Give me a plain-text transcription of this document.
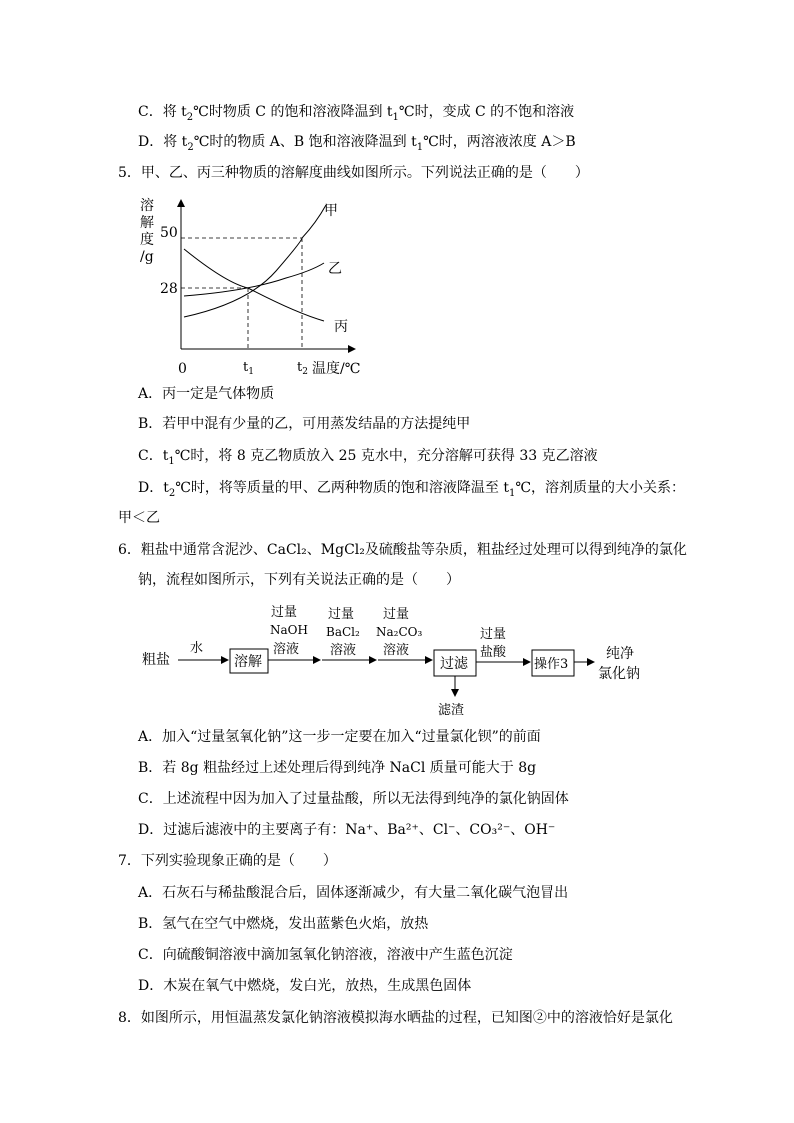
C．将 $t_2℃$时物质 C 的饱和溶液降温到 $t_1℃$时，变成 C 的不饱和溶液
D．将 $t_2℃$时的物质 A、B 饱和溶液降温到 $t_1℃$时，两溶液浓度 A＞B
5．甲、乙、丙三种物质的溶解度曲线如图所示。下列说法正确的是（　　）
溶
解
度
/g
50
28
0	$t_1$	$t_2$ 温度/℃
甲
乙
丙
A．丙一定是气体物质
B．若甲中混有少量的乙，可用蒸发结晶的方法提纯甲
C．$t_1℃$时，将 8 克乙物质放入 25 克水中，充分溶解可获得 33 克乙溶液
D．$t_2℃$时，将等质量的甲、乙两种物质的饱和溶液降温至 $t_1℃$，溶剂质量的大小关系：
甲＜乙
6．粗盐中通常含泥沙、CaCl₂、MgCl₂及硫酸盐等杂质，粗盐经过处理可以得到纯净的氯化
钠，流程如图所示，下列有关说法正确的是（　　）
粗盐
水
溶解
过量
NaOH
溶液
过量
BaCl₂
溶液
过量
Na₂CO₃
溶液
过滤
滤渣
过量
盐酸
操作3
纯净
氯化钠
A．加入“过量氢氧化钠”这一步一定要在加入“过量氯化钡”的前面
B．若 8g 粗盐经过上述处理后得到纯净 NaCl 质量可能大于 8g
C．上述流程中因为加入了过量盐酸，所以无法得到纯净的氯化钠固体
D．过滤后滤液中的主要离子有：Na⁺、Ba²⁺、Cl⁻、CO₃²⁻、OH⁻
7．下列实验现象正确的是（　　）
A．石灰石与稀盐酸混合后，固体逐渐减少，有大量二氧化碳气泡冒出
B．氢气在空气中燃烧，发出蓝紫色火焰，放热
C．向硫酸铜溶液中滴加氢氧化钠溶液，溶液中产生蓝色沉淀
D．木炭在氧气中燃烧，发白光，放热，生成黑色固体
8．如图所示，用恒温蒸发氯化钠溶液模拟海水晒盐的过程，已知图②中的溶液恰好是氯化
